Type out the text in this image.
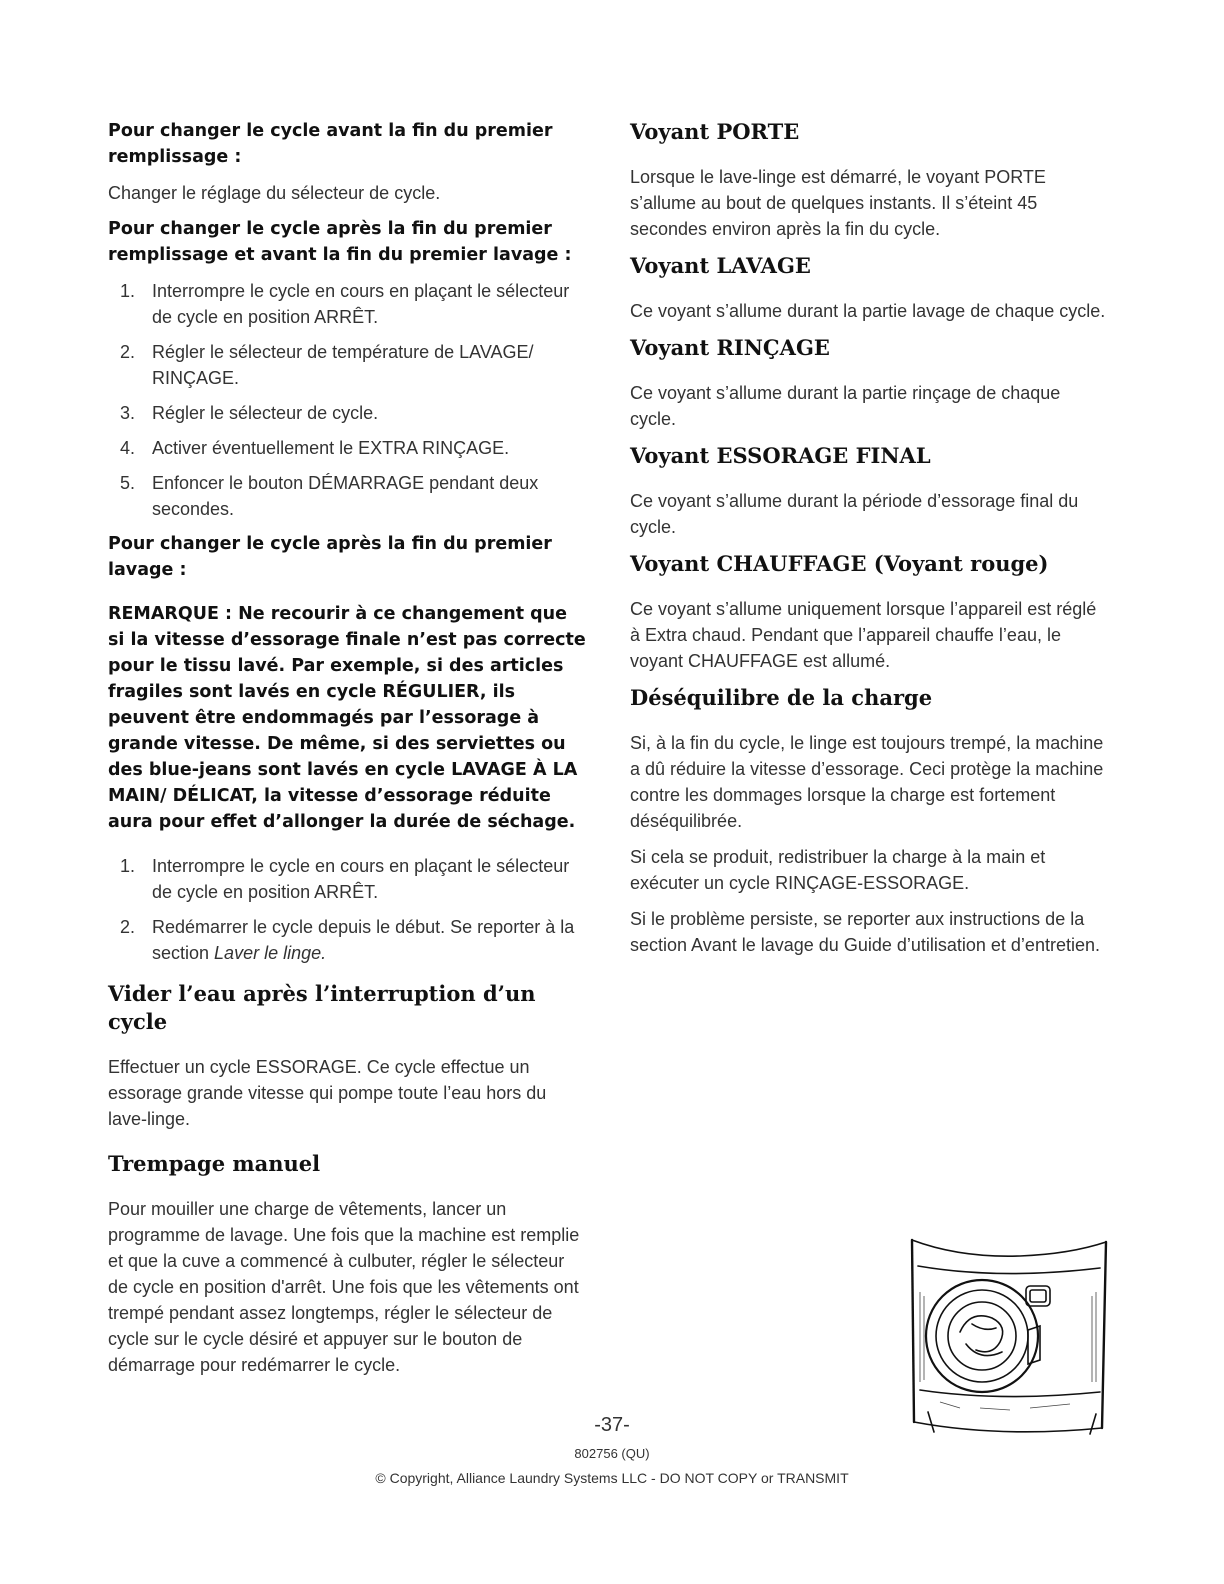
Pour changer le cycle avant la fin du premier remplissage :

Changer le réglage du sélecteur de cycle.

Pour changer le cycle après la fin du premier remplissage et avant la fin du premier lavage :

1. Interrompre le cycle en cours en plaçant le sélecteur de cycle en position ARRÊT.
2. Régler le sélecteur de température de LAVAGE/ RINÇAGE.
3. Régler le sélecteur de cycle.
4. Activer éventuellement le EXTRA RINÇAGE.
5. Enfoncer le bouton DÉMARRAGE pendant deux secondes.

Pour changer le cycle après la fin du premier lavage :

REMARQUE : Ne recourir à ce changement que si la vitesse d’essorage finale n’est pas correcte pour le tissu lavé. Par exemple, si des articles fragiles sont lavés en cycle RÉGULIER, ils peuvent être endommagés par l’essorage à grande vitesse. De même, si des serviettes ou des blue-jeans sont lavés en cycle LAVAGE À LA MAIN/ DÉLICAT, la vitesse d’essorage réduite aura pour effet d’allonger la durée de séchage.

1. Interrompre le cycle en cours en plaçant le sélecteur de cycle en position ARRÊT.
2. Redémarrer le cycle depuis le début. Se reporter à la section Laver le linge.

Vider l’eau après l’interruption d’un cycle

Effectuer un cycle ESSORAGE. Ce cycle effectue un essorage grande vitesse qui pompe toute l’eau hors du lave-linge.

Trempage manuel

Pour mouiller une charge de vêtements, lancer un programme de lavage. Une fois que la machine est remplie et que la cuve a commencé à culbuter, régler le sélecteur de cycle en position d'arrêt. Une fois que les vêtements ont trempé pendant assez longtemps, régler le sélecteur de cycle sur le cycle désiré et appuyer sur le bouton de démarrage pour redémarrer le cycle.

Voyant PORTE

Lorsque le lave-linge est démarré, le voyant PORTE s’allume au bout de quelques instants. Il s’éteint 45 secondes environ après la fin du cycle.

Voyant LAVAGE

Ce voyant s’allume durant la partie lavage de chaque cycle.

Voyant RINÇAGE

Ce voyant s’allume durant la partie rinçage de chaque cycle.

Voyant ESSORAGE FINAL

Ce voyant s’allume durant la période d’essorage final du cycle.

Voyant CHAUFFAGE (Voyant rouge)

Ce voyant s’allume uniquement lorsque l’appareil est réglé à Extra chaud. Pendant que l’appareil chauffe l’eau, le voyant CHAUFFAGE est allumé.

Déséquilibre de la charge

Si, à la fin du cycle, le linge est toujours trempé, la machine a dû réduire la vitesse d’essorage. Ceci protège la machine contre les dommages lorsque la charge est fortement déséquilibrée.

Si cela se produit, redistribuer la charge à la main et exécuter un cycle RINÇAGE-ESSORAGE.

Si le problème persiste, se reporter aux instructions de la section Avant le lavage du Guide d’utilisation et d’entretien.

-37-
802756 (QU)
© Copyright, Alliance Laundry Systems LLC - DO NOT COPY or TRANSMIT
